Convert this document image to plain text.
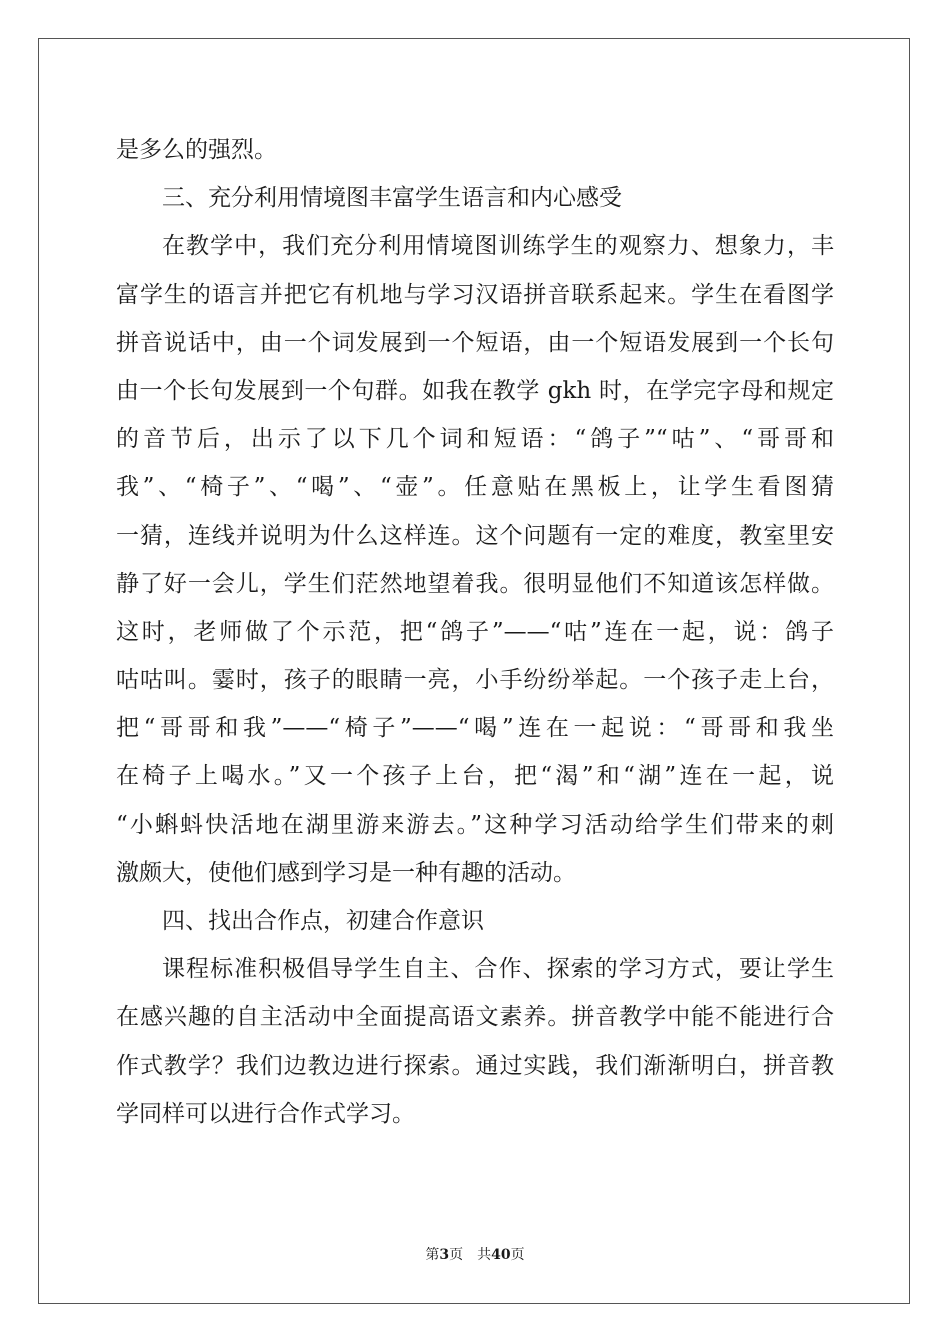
是多么的强烈。
三、充分利用情境图丰富学生语言和内心感受
在教学中，我们充分利用情境图训练学生的观察力、想象力，丰
富学生的语言并把它有机地与学习汉语拼音联系起来。学生在看图学
拼音说话中，由一个词发展到一个短语，由一个短语发展到一个长句
由一个长句发展到一个句群。如我在教学 gkh 时，在学完字母和规定
的音节后，出示了以下几个词和短语：“鸽子”“咕”、“哥哥和
我”、“椅子”、“喝”、“壶”。任意贴在黑板上，让学生看图猜
一猜，连线并说明为什么这样连。这个问题有一定的难度，教室里安
静了好一会儿，学生们茫然地望着我。很明显他们不知道该怎样做。
这时，老师做了个示范，把“鸽子”——“咕”连在一起，说：鸽子
咕咕叫。霎时，孩子的眼睛一亮，小手纷纷举起。一个孩子走上台，
把“哥哥和我”——“椅子”——“喝”连在一起说：“哥哥和我坐
在椅子上喝水。”又一个孩子上台，把“渴”和“湖”连在一起，说
“小蝌蚪快活地在湖里游来游去。”这种学习活动给学生们带来的刺
激颇大，使他们感到学习是一种有趣的活动。
四、找出合作点，初建合作意识
课程标准积极倡导学生自主、合作、探索的学习方式，要让学生
在感兴趣的自主活动中全面提高语文素养。拼音教学中能不能进行合
作式教学？我们边教边进行探索。通过实践，我们渐渐明白，拼音教
学同样可以进行合作式学习。
第3页　共40页
